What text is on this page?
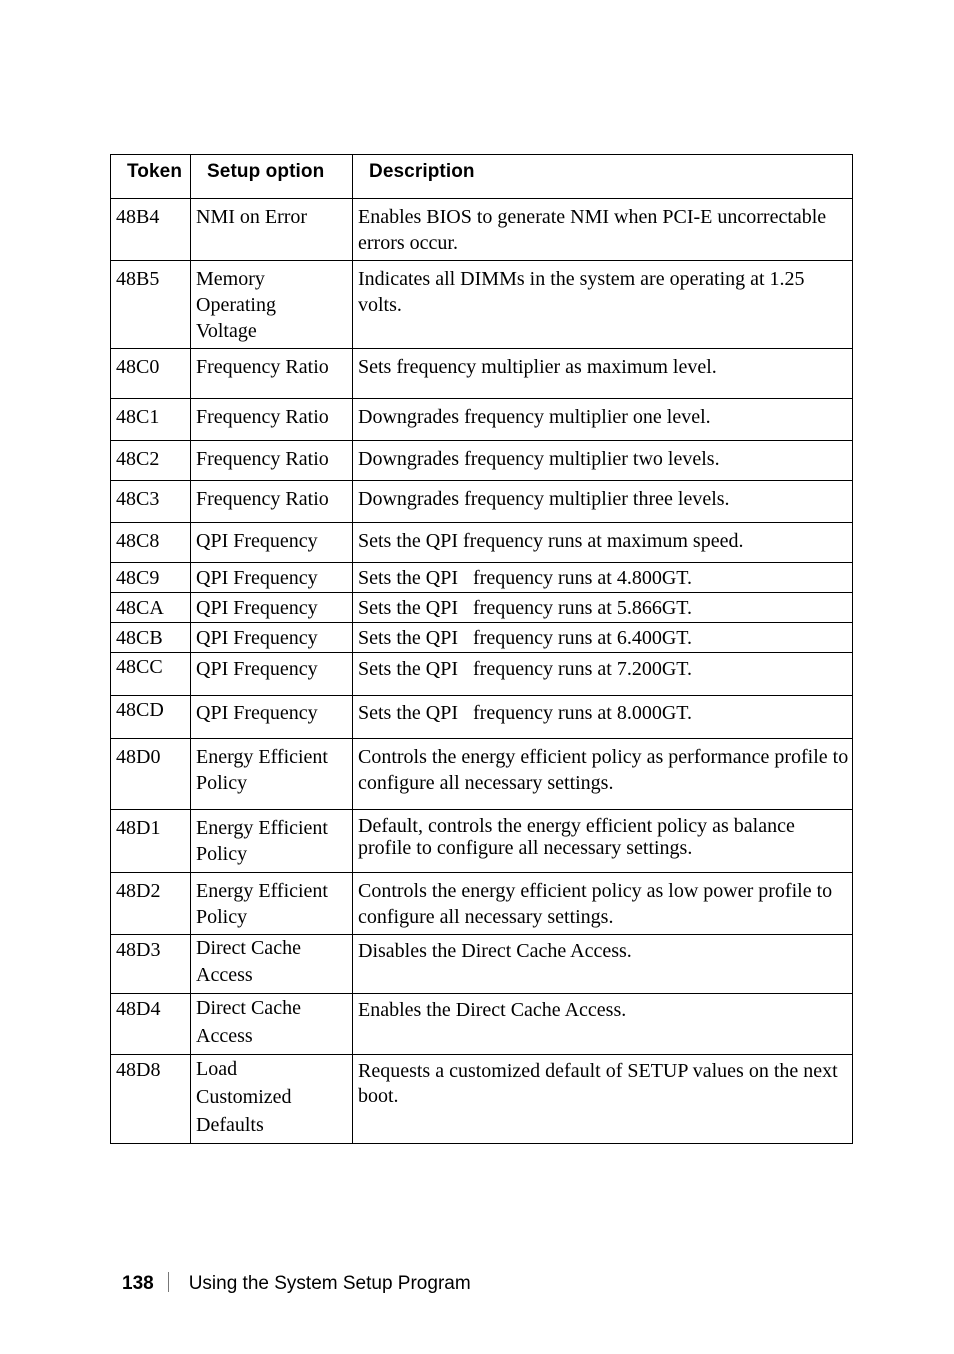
Token	Setup option	Description
48B4	NMI on Error	Enables BIOS to generate NMI when PCI-E uncorrectable errors occur.
48B5	Memory Operating Voltage	Indicates all DIMMs in the system are operating at 1.25 volts.
48C0	Frequency Ratio	Sets frequency multiplier as maximum level.
48C1	Frequency Ratio	Downgrades frequency multiplier one level.
48C2	Frequency Ratio	Downgrades frequency multiplier two levels.
48C3	Frequency Ratio	Downgrades frequency multiplier three levels.
48C8	QPI Frequency	Sets the QPI frequency runs at maximum speed.
48C9	QPI Frequency	Sets the QPI   frequency runs at 4.800GT.
48CA	QPI Frequency	Sets the QPI   frequency runs at 5.866GT.
48CB	QPI Frequency	Sets the QPI   frequency runs at 6.400GT.
48CC	QPI Frequency	Sets the QPI   frequency runs at 7.200GT.
48CD	QPI Frequency	Sets the QPI   frequency runs at 8.000GT.
48D0	Energy Efficient Policy	Controls the energy efficient policy as performance profile to configure all necessary settings.
48D1	Energy Efficient Policy	Default, controls the energy efficient policy as balance profile to configure all necessary settings.
48D2	Energy Efficient Policy	Controls the energy efficient policy as low power profile to configure all necessary settings.
48D3	Direct Cache Access	Disables the Direct Cache Access.
48D4	Direct Cache Access	Enables the Direct Cache Access.
48D8	Load Customized Defaults	Requests a customized default of SETUP values on the next boot.
138 Using the System Setup Program
